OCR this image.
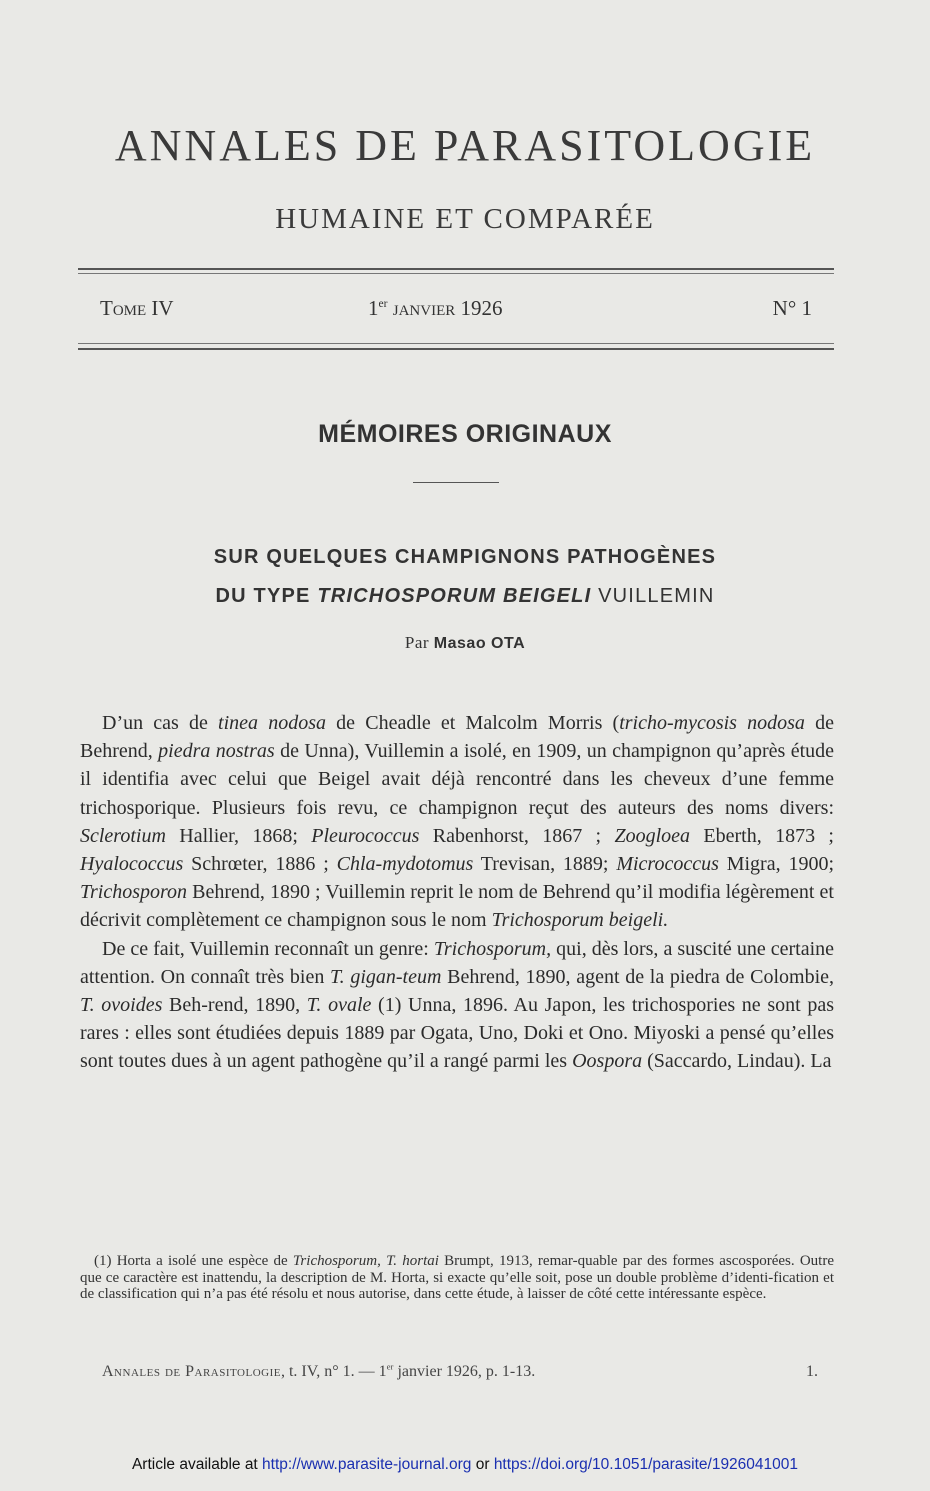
ANNALES DE PARASITOLOGIE
HUMAINE ET COMPARÉE
Tome IV	1er janvier 1926	N° 1
MÉMOIRES ORIGINAUX
SUR QUELQUES CHAMPIGNONS PATHOGÈNES
DU TYPE TRICHOSPORUM BEIGELI VUILLEMIN
Par Masao OTA

D’un cas de tinea nodosa de Cheadle et Malcolm Morris (tricho-mycosis nodosa de Behrend, piedra nostras de Unna), Vuillemin a isolé, en 1909, un champignon qu’après étude il identifia avec celui que Beigel avait déjà rencontré dans les cheveux d’une femme trichosporique. Plusieurs fois revu, ce champignon reçut des auteurs des noms divers: Sclerotium Hallier, 1868; Pleurococcus Rabenhorst, 1867 ; Zoogloea Eberth, 1873 ; Hyalococcus Schrœter, 1886 ; Chla-mydotomus Trevisan, 1889; Micrococcus Migra, 1900; Trichosporon Behrend, 1890 ; Vuillemin reprit le nom de Behrend qu’il modifia légèrement et décrivit complètement ce champignon sous le nom Trichosporum beigeli.

De ce fait, Vuillemin reconnaît un genre: Trichosporum, qui, dès lors, a suscité une certaine attention. On connaît très bien T. gigan-teum Behrend, 1890, agent de la piedra de Colombie, T. ovoides Beh-rend, 1890, T. ovale (1) Unna, 1896. Au Japon, les trichospories ne sont pas rares : elles sont étudiées depuis 1889 par Ogata, Uno, Doki et Ono. Miyoski a pensé qu’elles sont toutes dues à un agent pathogène qu’il a rangé parmi les Oospora (Saccardo, Lindau). La

(1) Horta a isolé une espèce de Trichosporum, T. hortai Brumpt, 1913, remar-quable par des formes ascosporées. Outre que ce caractère est inattendu, la description de M. Horta, si exacte qu’elle soit, pose un double problème d’identi-fication et de classification qui n’a pas été résolu et nous autorise, dans cette étude, à laisser de côté cette intéressante espèce.

Annales de Parasitologie, t. IV, n° 1. — 1er janvier 1926, p. 1-13.	1.
Article available at http://www.parasite-journal.org or https://doi.org/10.1051/parasite/1926041001
